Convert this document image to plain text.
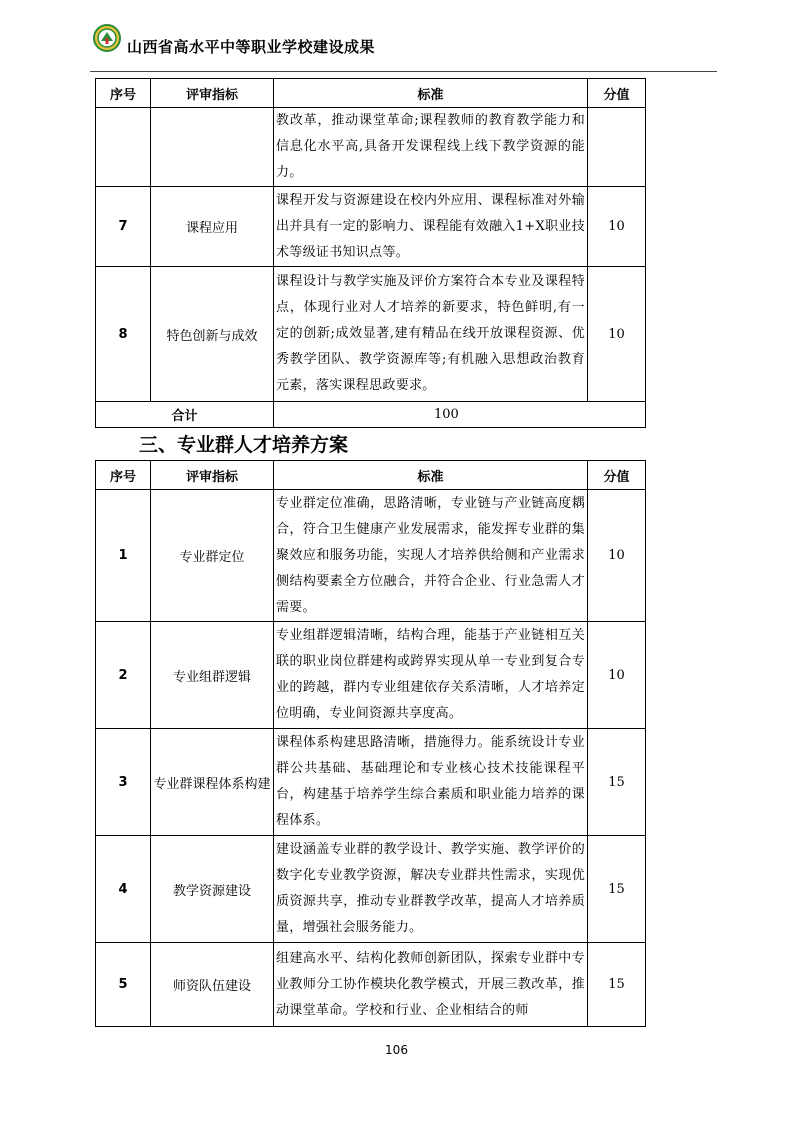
山西省高水平中等职业学校建设成果
序号	评审指标	标准	分值
		教改革，推动课堂革命;课程教师的教育教学能力和信息化水平高,具备开发课程线上线下教学资源的能力。	
7	课程应用	课程开发与资源建设在校内外应用、课程标准对外输出并具有一定的影响力、课程能有效融入1+X职业技术等级证书知识点等。	10
8	特色创新与成效	课程设计与教学实施及评价方案符合本专业及课程特点，体现行业对人才培养的新要求，特色鲜明,有一定的创新;成效显著,建有精品在线开放课程资源、优秀教学团队、教学资源库等;有机融入思想政治教育元素，落实课程思政要求。	10
合计		100	
三、专业群人才培养方案
序号	评审指标	标准	分值
1	专业群定位	专业群定位准确，思路清晰，专业链与产业链高度耦合，符合卫生健康产业发展需求，能发挥专业群的集聚效应和服务功能，实现人才培养供给侧和产业需求侧结构要素全方位融合，并符合企业、行业急需人才需要。	10
2	专业组群逻辑	专业组群逻辑清晰，结构合理，能基于产业链相互关联的职业岗位群建构或跨界实现从单一专业到复合专业的跨越，群内专业组建依存关系清晰，人才培养定位明确，专业间资源共享度高。	10
3	专业群课程体系构建	课程体系构建思路清晰，措施得力。能系统设计专业群公共基础、基础理论和专业核心技术技能课程平台，构建基于培养学生综合素质和职业能力培养的课程体系。	15
4	教学资源建设	建设涵盖专业群的教学设计、教学实施、教学评价的数字化专业教学资源，解决专业群共性需求，实现优质资源共享，推动专业群教学改革，提高人才培养质量，增强社会服务能力。	15
5	师资队伍建设	组建高水平、结构化教师创新团队，探索专业群中专业教师分工协作模块化教学模式，开展三教改革，推动课堂革命。学校和行业、企业相结合的师	15
106
